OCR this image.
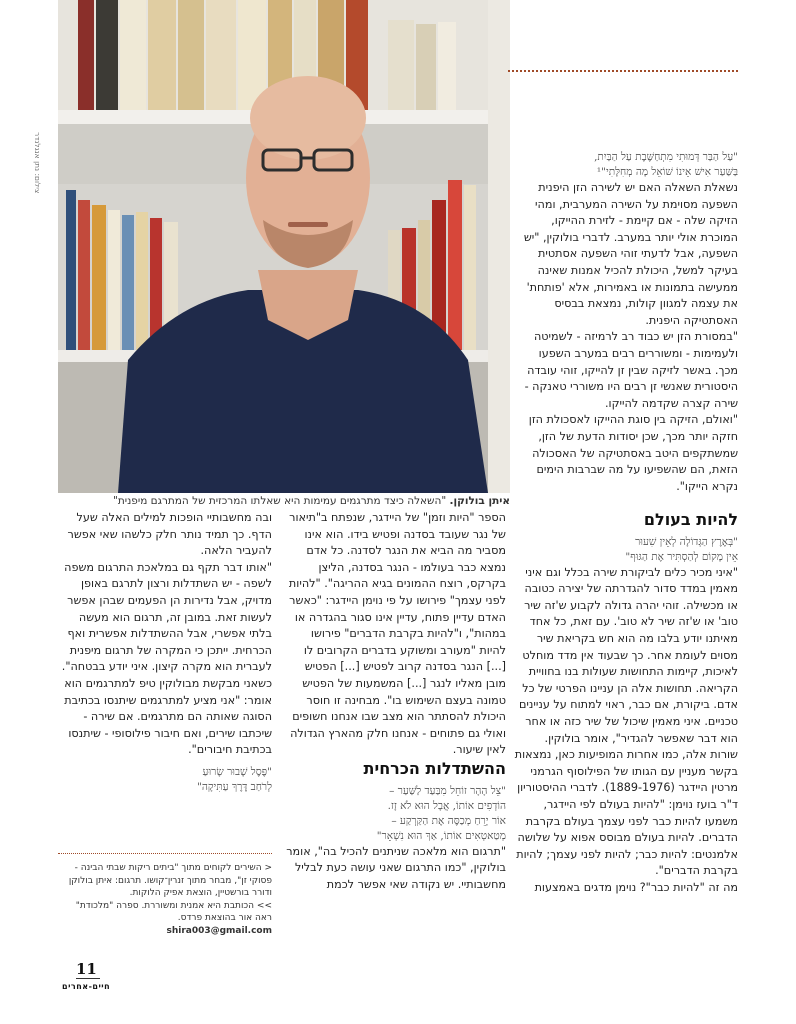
צילום: נתן אנגלנדר
איתן בולוקן. "השאלה כיצד מתרגמים עמימות היא שאלתו המרכזית של המתרגם מיפנית"

"עַל הַבַּר דְּמוּתִי מִתְחַשֶּׁבֶת עַל הַבַּיִת,

בַּשַּׁעַר אִישׁ אֵינוֹ שׁוֹאֵל מָה מְחִלָּתִי"¹

נשאלת השאלה האם יש לשירה הזן היפנית השפעה מסוימת על השירה המערבית, ומהי הזיקה שלה - אם קיימת - לזירת ההייקו, המוכרת אולי יותר במערב. לדברי בולוקין, "יש השפעה, אבל לדעתי זוהי השפעה אסתטית בעיקר למשל, היכולת להכיל אמנות שאינה ממעישה בתמונות או באמירות, אלא 'פותחת' את עצמה למגוון קולות, נמצאת בבסיס האסתטיקה היפנית.

"במסורת הזן יש כבוד רב לרמיזה - לשמיטה ולעמימות - ומשוררים רבים במערב השפעו מכך. באשר לזיקה שבין זן להייקו, זוהי עובדה היסטורית שאנשי זן רבים היו משוררי טאנקה - שירה קצרה שקדמה להייקו.

"ואולם, הזיקה בין סוגת ההייקו לאסכולת הזן חזקה יותר מכך, שכן יסודות הדעת של הזן, שמשתקפים היטב באסתטיקה של האסכולה הזאת, הם שהשפיעו על מה שברבות הימים נקרא הייקו".

להיות בעולם

"בְּאֶרֶץ הַגְּדוֹלָה לְאֵין שִׁעוּר

אֵין מָקוֹם לְהַסְתִּיר אֶת הַגּוּף"

"איני מכיר כלים לביקורת שירה בכלל וגם איני מאמין במדד סדור להגדרתה של יצירה כטובה או מכשילה. זוהי יהרה גדולה לקבוע ש'זה שיר טוב' או ש'זה שיר לא טוב'. עם זאת, כל אחד מאיתנו יודע בלבו מה הוא חש בקריאת שיר מסוים לעומת אחר. כך שבעוד אין מדד מוחלט לאיכות, קיימות התחושות שעולות בנו בחוויית הקריאה. תחושות אלה הן עניינו הפרטי של כל אדם. ביקורת, אם כבר, ראוי למתוח על עניינים טכניים. איני מאמין שיכול של שיר כזה או אחר הוא דבר שאפשר להגדיר", אומר בולוקין.

שורות אלה, כמו אחרות המופיעות כאן, נמצאות בקשר מעניין עם הגותו של הפילוסוף הגרמני מרטין היידגר (1889-1976). לדברי ההיסטוריון ד"ר בועז נוימן: "להיות בעולם לפי היידגר, משמעו להיות כבר לפני עצמך בעולם בקרבת הדברים. להיות בעולם מבוסס אפוא על שלושה אלמנטים: להיות כבר; להיות לפני עצמך; להיות בקרבת הדברים".

מה זה "להיות כבר"? נוימן מדגים באמצעות

הספר "היות וזמן" של היידגר, שנפתח ב"תיאור של נגר שעובד בסדנה ופטיש בידו. הוא אינו מסביר מה הביא את הנגר לסדנה. כל אדם נמצא כבר בעולמו - הנגר בסדנה, הליצן בקרקס, רוצח ההמונים בגיא ההריגה". "להיות לפני עצמך" פירושו על פי נוימן היידגר: "כאשר האדם עדיין פתוח, עדיין אינו סגור בהגדרה או במהות", ו"להיות בקרבת הדברים" פירושו להיות "מעורב ומשוקע בדברים הקרובים לו [...] הנגר בסדנה קרוב לפטיש [...] הפטיש מובן מאליו לנגר [...] המשמעות של הפטיש טמונה בעצם השימוש בו". מבחינה זו חוסר היכולת להסתתר הוא מצב שבו אנחנו חשופים ואולי גם פתוחים - אנחנו חלק מהארץ הגדולה לאין שיעור.

ההשתדלות הכרחית

"צֵל הָהָר זוֹחֵל מִבַּעַד לַשַּׁעַר –

הוֹדְפִים אוֹתוֹ, אֲבָל הוּא לֹא זָז.

אוֹר יָרֵחַ מְכַסֶּה אֶת הַקַּרְקַע –

מְטַאטְאִים אוֹתוֹ, אַךְ הוּא נִשְׁאָר"

"תרגום הוא מלאכה שניתנים להכיל בה", אומר בולוקין, "כמו התרגום שאני עושה כעת לבליל מחשבותיי. יש נקודה שאי אפשר לכמת

ובה מחשבותיי הופכות למילים האלה שעל הדף. כך תמיד נותר חלק כלשהו שאי אפשר להעביר הלאה.

"אותו דבר תקף גם במלאכת התרגום משפה לשפה - יש השתדלות ורצון לתרגם באופן מדויק, אבל נדירות הן הפעמים שבהן אפשר לעשות זאת. במובן זה, תרגום הוא מעשה בלתי אפשרי, אבל ההשתדלות אפשרית ואף הכרחית. ייתכן כי המקרה של תרגום מיפנית לעברית הוא מקרה קיצון. איני יודע בבטחה".

כשאני מבקשת מבולוקין טיפ למתרגמים הוא אומר: "אני מציע למתרגמים שיתנסו בכתיבת הסוגה שאותה הם מתרגמים. אם שירה - שיכתבו שירים, ואם חיבור פילוסופי - שיתנסו בכתיבת חיבורים".

"פֶּסֶל שָׁבוּר שָׂרוּעַ

לְרֹחַב דֶּרֶךְ עַתִּיקָה"

< השירים לקוחים מתוך "ביתים ריקות שבתי הבינה - פסוקי זן", מבחר מתוך זנרין־קושו. תרגום: איתן בולוקן ודורר בורשטיין, הוצאת אפיק הלוקות.
>> הכותבת היא אמנית ומשוררת. ספרה "מלכודת" ראה אור בהוצאת פרדס.
shira003@gmail.com
11
חיים-אחרים
